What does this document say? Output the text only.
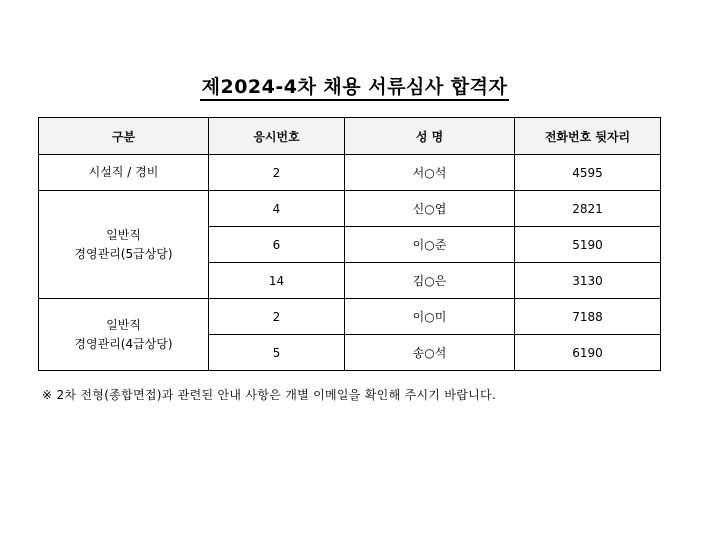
제2024-4차 채용 서류심사 합격자
구분	응시번호	성 명	전화번호 뒷자리

시설직 / 경비	2	서○석	4595

일반직
경영관리(5급상당)	4	신○엽	2821
	6	이○준	5190
	14	김○은	3130

일반직
경영관리(4급상당)	2	이○미	7188
	5	송○석	6190
※ 2차 전형(종합면접)과 관련된 안내 사항은 개별 이메일을 확인해 주시기 바랍니다.
